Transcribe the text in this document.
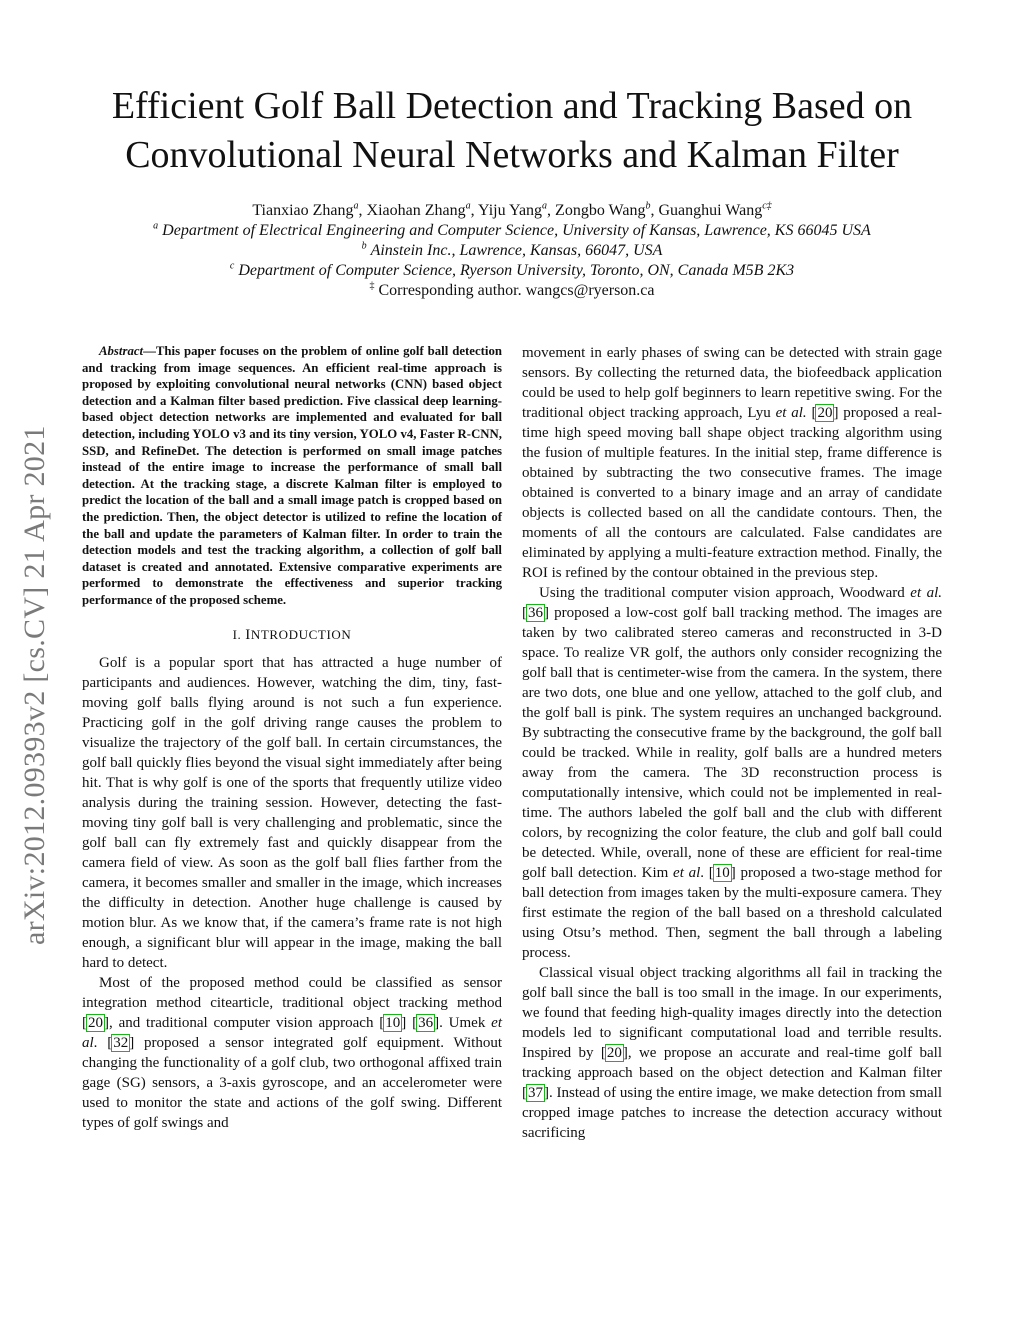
arXiv:2012.09393v2 [cs.CV] 21 Apr 2021
Efficient Golf Ball Detection and Tracking Based on
Convolutional Neural Networks and Kalman Filter
Tianxiao Zhang$^a$, Xiaohan Zhang$^a$, Yiju Yang$^a$, Zongbo Wang$^b$, Guanghui Wang$^{c\ddagger}$
$^a$ Department of Electrical Engineering and Computer Science, University of Kansas, Lawrence, KS 66045 USA
$^b$ Ainstein Inc., Lawrence, Kansas, 66047, USA
$^c$ Department of Computer Science, Ryerson University, Toronto, ON, Canada M5B 2K3
‡ Corresponding author. wangcs@ryerson.ca

Abstract—This paper focuses on the problem of online golf ball detection and tracking from image sequences. An efficient real-time approach is proposed by exploiting convolutional neural networks (CNN) based object detection and a Kalman filter based prediction. Five classical deep learning-based object detection networks are implemented and evaluated for ball detection, including YOLO v3 and its tiny version, YOLO v4, Faster R-CNN, SSD, and RefineDet. The detection is performed on small image patches instead of the entire image to increase the performance of small ball detection. At the tracking stage, a discrete Kalman filter is employed to predict the location of the ball and a small image patch is cropped based on the prediction. Then, the object detector is utilized to refine the location of the ball and update the parameters of Kalman filter. In order to train the detection models and test the tracking algorithm, a collection of golf ball dataset is created and annotated. Extensive comparative experiments are performed to demonstrate the effectiveness and superior tracking performance of the proposed scheme.

I. INTRODUCTION

Golf is a popular sport that has attracted a huge number of participants and audiences. However, watching the dim, tiny, fast-moving golf balls flying around is not such a fun experience. Practicing golf in the golf driving range causes the problem to visualize the trajectory of the golf ball. In certain circumstances, the golf ball quickly flies beyond the visual sight immediately after being hit. That is why golf is one of the sports that frequently utilize video analysis during the training session. However, detecting the fast-moving tiny golf ball is very challenging and problematic, since the golf ball can fly extremely fast and quickly disappear from the camera field of view. As soon as the golf ball flies farther from the camera, it becomes smaller and smaller in the image, which increases the difficulty in detection. Another huge challenge is caused by motion blur. As we know that, if the camera’s frame rate is not high enough, a significant blur will appear in the image, making the ball hard to detect.

Most of the proposed method could be classified as sensor integration method citearticle, traditional object tracking method [20], and traditional computer vision approach [10] [36]. Umek et al. [32] proposed a sensor integrated golf equipment. Without changing the functionality of a golf club, two orthogonal affixed train gage (SG) sensors, a 3-axis gyroscope, and an accelerometer were used to monitor the state and actions of the golf swing. Different types of golf swings and

movement in early phases of swing can be detected with strain gage sensors. By collecting the returned data, the biofeedback application could be used to help golf beginners to learn repetitive swing. For the traditional object tracking approach, Lyu et al. [20] proposed a real-time high speed moving ball shape object tracking algorithm using the fusion of multiple features. In the initial step, frame difference is obtained by subtracting the two consecutive frames. The image obtained is converted to a binary image and an array of candidate objects is collected based on all the candidate contours. Then, the moments of all the contours are calculated. False candidates are eliminated by applying a multi-feature extraction method. Finally, the ROI is refined by the contour obtained in the previous step.

Using the traditional computer vision approach, Woodward et al. [36] proposed a low-cost golf ball tracking method. The images are taken by two calibrated stereo cameras and reconstructed in 3-D space. To realize VR golf, the authors only consider recognizing the golf ball that is centimeter-wise from the camera. In the system, there are two dots, one blue and one yellow, attached to the golf club, and the golf ball is pink. The system requires an unchanged background. By subtracting the consecutive frame by the background, the golf ball could be tracked. While in reality, golf balls are a hundred meters away from the camera. The 3D reconstruction process is computationally intensive, which could not be implemented in real-time. The authors labeled the golf ball and the club with different colors, by recognizing the color feature, the club and golf ball could be detected. While, overall, none of these are efficient for real-time golf ball detection. Kim et al. [10] proposed a two-stage method for ball detection from images taken by the multi-exposure camera. They first estimate the region of the ball based on a threshold calculated using Otsu’s method. Then, segment the ball through a labeling process.

Classical visual object tracking algorithms all fail in tracking the golf ball since the ball is too small in the image. In our experiments, we found that feeding high-quality images directly into the detection models led to significant computational load and terrible results. Inspired by [20], we propose an accurate and real-time golf ball tracking approach based on the object detection and Kalman filter [37]. Instead of using the entire image, we make detection from small cropped image patches to increase the detection accuracy without sacrificing
